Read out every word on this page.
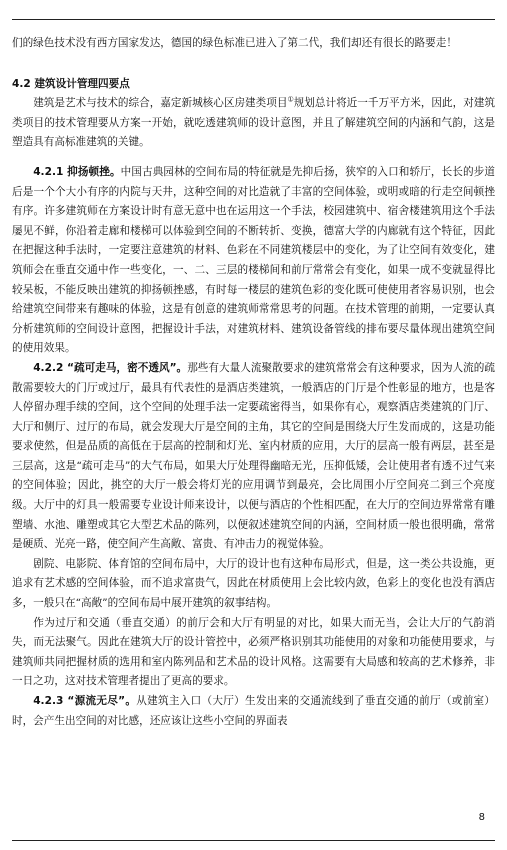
们的绿色技术没有西方国家发达，德国的绿色标准已进入了第二代，我们却还有很长的路要走！

4.2 建筑设计管理四要点

建筑是艺术与技术的综合，嘉定新城核心区房建类项目①规划总计将近一千万平方米，因此，对建筑类项目的技术管理要从方案一开始，就吃透建筑师的设计意图，并且了解建筑空间的内涵和气韵，这是塑造具有高标准建筑的关键。

4.2.1 抑扬顿挫。中国古典园林的空间布局的特征就是先抑后扬，狭窄的入口和轿厅，长长的步道后是一个个大小有序的内院与天井，这种空间的对比造就了丰富的空间体验，或明或暗的行走空间顿挫有序。许多建筑师在方案设计时有意无意中也在运用这一个手法，校园建筑中、宿舍楼建筑用这个手法屡见不鲜，你沿着走廊和楼梯可以体验到空间的不断转折、变换，德富大学的内廊就有这个特征，因此在把握这种手法时，一定要注意建筑的材料、色彩在不同建筑楼层中的变化，为了让空间有效变化，建筑师会在垂直交通中作一些变化，一、二、三层的楼梯间和前厅常常会有变化，如果一成不变就显得比较呆板，不能反映出建筑的抑扬顿挫感，有时每一楼层的建筑色彩的变化既可使使用者容易识别，也会给建筑空间带来有趣味的体验，这是有创意的建筑师常常思考的问题。在技术管理的前期，一定要认真分析建筑师的空间设计意图，把握设计手法，对建筑材料、建筑设备管线的排布要尽量体现出建筑空间的使用效果。

4.2.2 “疏可走马，密不透风”。那些有大量人流聚散要求的建筑常常会有这种要求，因为人流的疏散需要较大的门厅或过厅，最具有代表性的是酒店类建筑，一般酒店的门厅是个性彰显的地方，也是客人停留办理手续的空间，这个空间的处理手法一定要疏密得当，如果你有心，观察酒店类建筑的门厅、大厅和侧厅、过厅的布局，就会发现大厅是空间的主角，其它的空间是围绕大厅生发而成的，这是功能要求使然，但是品质的高低在于层高的控制和灯光、室内材质的应用，大厅的层高一般有两层，甚至是三层高，这是“疏可走马”的大气布局，如果大厅处理得幽暗无光，压抑低矮，会让使用者有透不过气来的空间体验；因此，挑空的大厅一般会将灯光的应用调节到最亮，会比周围小厅空间亮二到三个亮度级。大厅中的灯具一般需要专业设计师来设计，以便与酒店的个性相匹配，在大厅的空间边界常常有雕塑墙、水池、雕塑或其它大型艺术品的陈列，以便叙述建筑空间的内涵，空间材质一般也很明确，常常是硬质、光亮一路，使空间产生高敞、富贵、有冲击力的视觉体验。

剧院、电影院、体育馆的空间布局中，大厅的设计也有这种布局形式，但是，这一类公共设施，更追求有艺术感的空间体验，而不追求富贵气，因此在材质使用上会比较内敛，色彩上的变化也没有酒店多，一般只在“高敞”的空间布局中展开建筑的叙事结构。

作为过厅和交通（垂直交通）的前厅会和大厅有明显的对比，如果大而无当，会让大厅的气韵消失，而无法聚气。因此在建筑大厅的设计管控中，必须严格识别其功能使用的对象和功能使用要求，与建筑师共同把握材质的选用和室内陈列品和艺术品的设计风格。这需要有大局感和较高的艺术修养，非一日之功，这对技术管理者提出了更高的要求。

4.2.3 “源流无尽”。从建筑主入口（大厅）生发出来的交通流线到了垂直交通的前厅（或前室）时，会产生出空间的对比感，还应该让这些小空间的界面表

8
